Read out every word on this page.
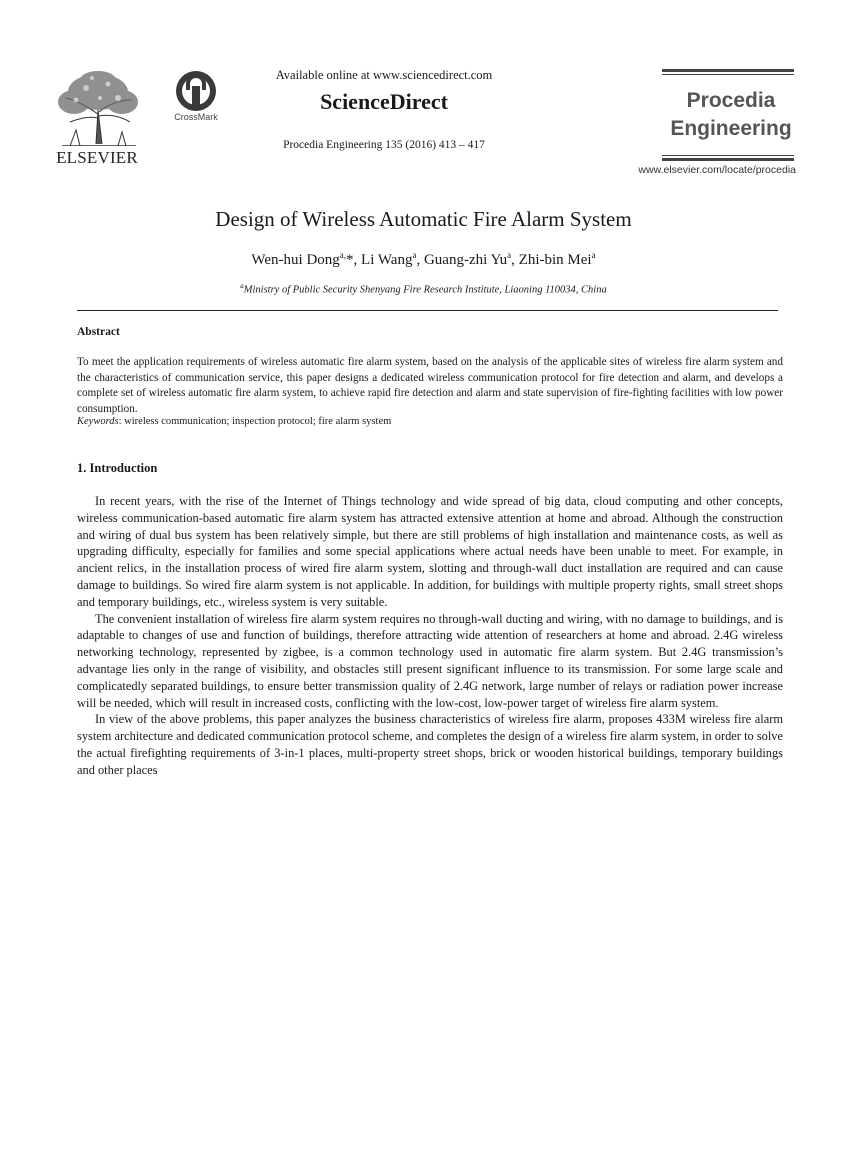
ELSEVIER
CrossMark
Available online at www.sciencedirect.com
ScienceDirect
Procedia Engineering 135 (2016) 413 – 417
Procedia
Engineering
www.elsevier.com/locate/procedia
Design of Wireless Automatic Fire Alarm System
Wen-hui Dong$^{a,}$*, Li Wang$^a$, Guang-zhi Yu$^a$, Zhi-bin Mei$^a$
$^a$Ministry of Public Security Shenyang Fire Research Institute, Liaoning 110034, China
Abstract
To meet the application requirements of wireless automatic fire alarm system, based on the analysis of the applicable sites of wireless fire alarm system and the characteristics of communication service, this paper designs a dedicated wireless communication protocol for fire detection and alarm, and develops a complete set of wireless automatic fire alarm system, to achieve rapid fire detection and alarm and state supervision of fire-fighting facilities with low power consumption.
Keywords: wireless communication; inspection protocol; fire alarm system
1. Introduction

In recent years, with the rise of the Internet of Things technology and wide spread of big data, cloud computing and other concepts, wireless communication-based automatic fire alarm system has attracted extensive attention at home and abroad. Although the construction and wiring of dual bus system has been relatively simple, but there are still problems of high installation and maintenance costs, as well as upgrading difficulty, especially for families and some special applications where actual needs have been unable to meet. For example, in ancient relics, in the installation process of wired fire alarm system, slotting and through-wall duct installation are required and can cause damage to buildings. So wired fire alarm system is not applicable. In addition, for buildings with multiple property rights, small street shops and temporary buildings, etc., wireless system is very suitable.

The convenient installation of wireless fire alarm system requires no through-wall ducting and wiring, with no damage to buildings, and is adaptable to changes of use and function of buildings, therefore attracting wide attention of researchers at home and abroad. 2.4G wireless networking technology, represented by zigbee, is a common technology used in automatic fire alarm system. But 2.4G transmission’s advantage lies only in the range of visibility, and obstacles still present significant influence to its transmission. For some large scale and complicatedly separated buildings, to ensure better transmission quality of 2.4G network, large number of relays or radiation power increase will be needed, which will result in increased costs, conflicting with the low-cost, low-power target of wireless fire alarm system.

In view of the above problems, this paper analyzes the business characteristics of wireless fire alarm, proposes 433M wireless fire alarm system architecture and dedicated communication protocol scheme, and completes the design of a wireless fire alarm system, in order to solve the actual firefighting requirements of 3-in-1 places, multi-property street shops, brick or wooden historical buildings, temporary buildings and other places
